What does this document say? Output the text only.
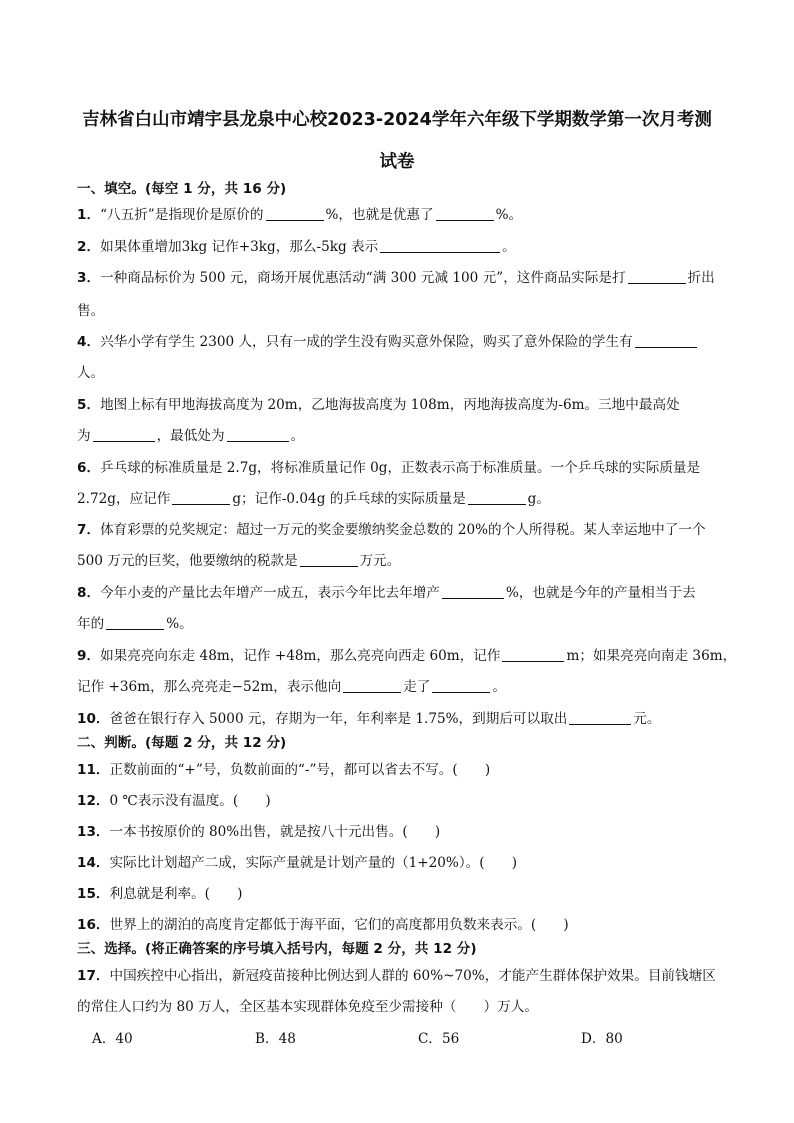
吉林省白山市靖宇县龙泉中心校2023-2024学年六年级下学期数学第一次月考测
试卷
一、填空。(每空 1 分，共 16 分)
1．“八五折”是指现价是原价的	%，也就是优惠了	%。
2．如果体重增加3kg 记作+3kg，那么-5kg 表示	。
3．一种商品标价为 500 元，商场开展优惠活动“满 300 元减 100 元”，这件商品实际是打	折出
售。
4．兴华小学有学生 2300 人，只有一成的学生没有购买意外保险，购买了意外保险的学生有
人。
5．地图上标有甲地海拔高度为 20m，乙地海拔高度为 108m，丙地海拔高度为-6m。三地中最高处
为	，最低处为	。
6．乒乓球的标准质量是 2.7g，将标准质量记作 0g，正数表示高于标准质量。一个乒乓球的实际质量是
2.72g，应记作	g；记作-0.04g 的乒乓球的实际质量是	g。
7．体育彩票的兑奖规定：超过一万元的奖金要缴纳奖金总数的 20%的个人所得税。某人幸运地中了一个
500 万元的巨奖，他要缴纳的税款是	万元。
8．今年小麦的产量比去年增产一成五，表示今年比去年增产	%，也就是今年的产量相当于去
年的	%。
9．如果亮亮向东走 48m，记作 +48m，那么亮亮向西走 60m，记作	m；如果亮亮向南走 36m，
记作 +36m，那么亮亮走−52m，表示他向	走了	。
10．爸爸在银行存入 5000 元，存期为一年，年利率是 1.75%，到期后可以取出	元。
二、判断。(每题 2 分，共 12 分)
11．正数前面的“+”号，负数前面的“-”号，都可以省去不写。(　　)
12．0 ℃表示没有温度。(　　)
13．一本书按原价的 80%出售，就是按八十元出售。(　　)
14．实际比计划超产二成，实际产量就是计划产量的（1+20%）。(　　)
15．利息就是利率。(　　)
16．世界上的湖泊的高度肯定都低于海平面，它们的高度都用负数来表示。(　　)
三、选择。(将正确答案的序号填入括号内，每题 2 分，共 12 分)
17．中国疾控中心指出，新冠疫苗接种比例达到人群的 60%~70%，才能产生群体保护效果。目前钱塘区
的常住人口约为 80 万人，全区基本实现群体免疫至少需接种（　　）万人。
A．40	B．48	C．56	D．80
